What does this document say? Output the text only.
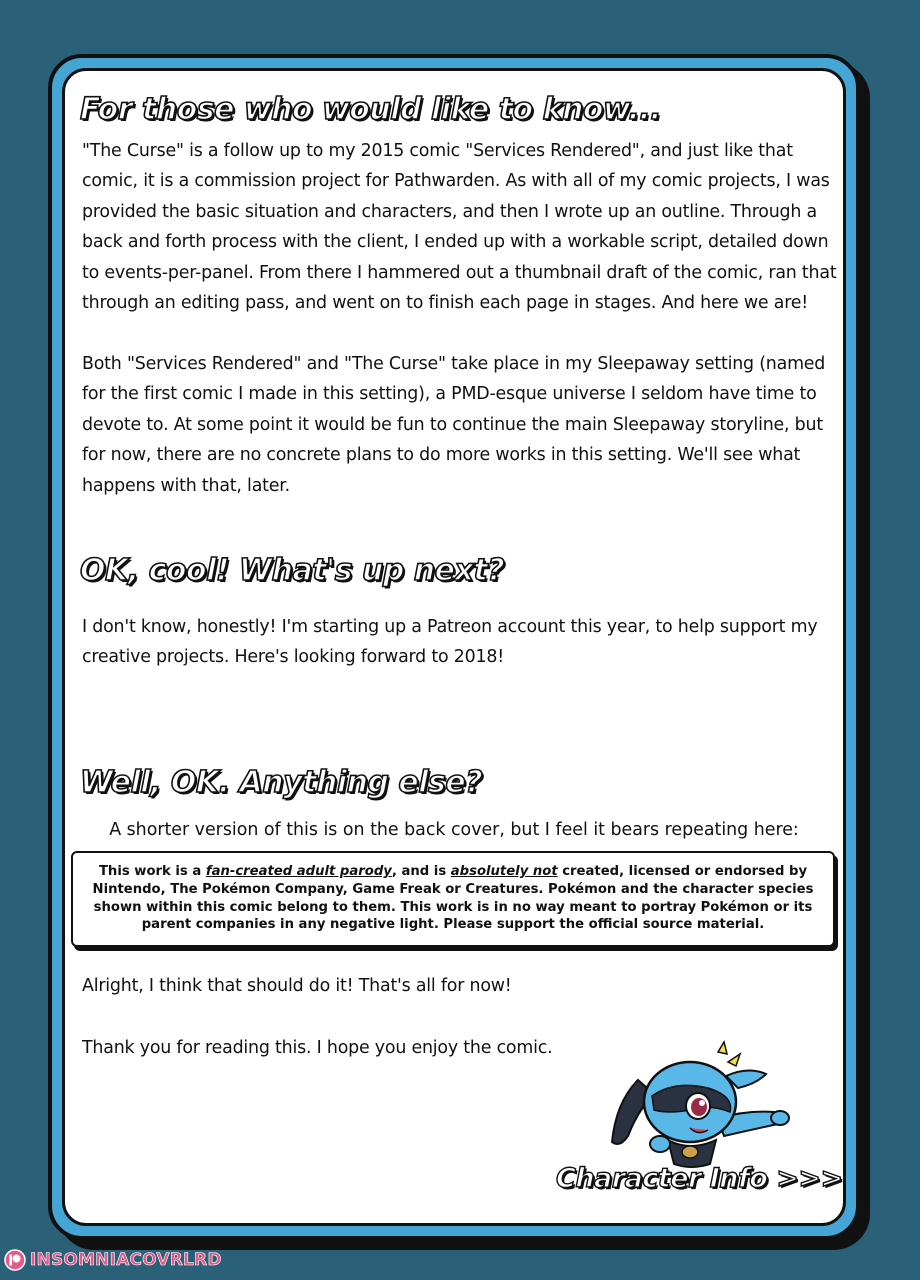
For those who would like to know...
"The Curse" is a follow up to my 2015 comic "Services Rendered", and just like that comic, it is a commission project for Pathwarden. As with all of my comic projects, I was provided the basic situation and characters, and then I wrote up an outline. Through a back and forth process with the client, I ended up with a workable script, detailed down to events-per-panel. From there I hammered out a thumbnail draft of the comic, ran that through an editing pass, and went on to finish each page in stages. And here we are!
Both "Services Rendered" and "The Curse" take place in my Sleepaway setting (named for the first comic I made in this setting), a PMD-esque universe I seldom have time to devote to. At some point it would be fun to continue the main Sleepaway storyline, but for now, there are no concrete plans to do more works in this setting. We'll see what happens with that, later.
OK, cool! What's up next?
I don't know, honestly! I'm starting up a Patreon account this year, to help support my creative projects. Here's looking forward to 2018!
Well, OK. Anything else?
A shorter version of this is on the back cover, but I feel it bears repeating here:
This work is a fan-created adult parody, and is absolutely not created, licensed or endorsed by Nintendo, The Pokémon Company, Game Freak or Creatures. Pokémon and the character species shown within this comic belong to them. This work is in no way meant to portray Pokémon or its parent companies in any negative light. Please support the official source material.
Alright, I think that should do it! That's all for now!
Thank you for reading this. I hope you enjoy the comic.
Character Info >>>
INSOMNIACOVRLRD
